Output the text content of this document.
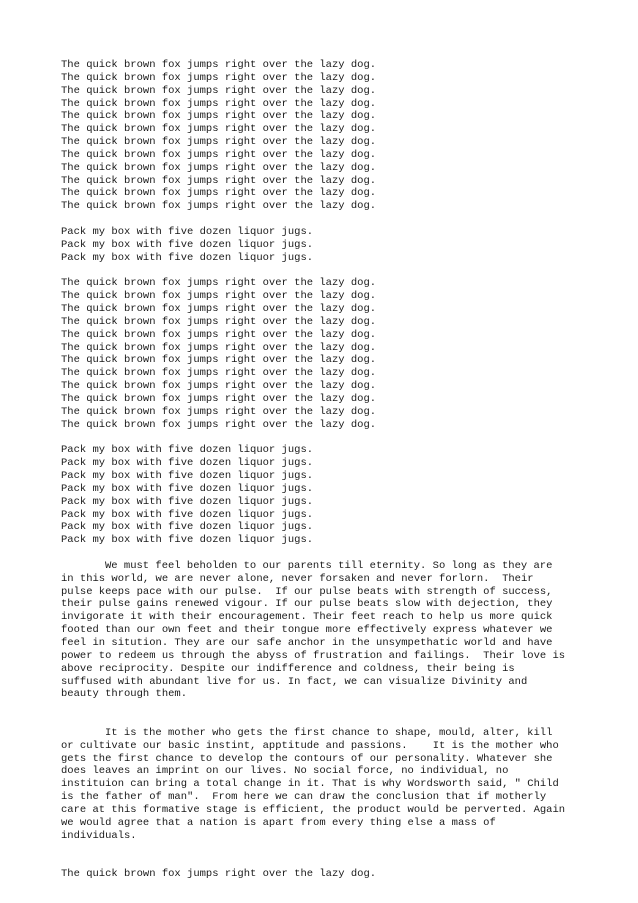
The quick brown fox jumps right over the lazy dog.
The quick brown fox jumps right over the lazy dog.
The quick brown fox jumps right over the lazy dog.
The quick brown fox jumps right over the lazy dog.
The quick brown fox jumps right over the lazy dog.
The quick brown fox jumps right over the lazy dog.
The quick brown fox jumps right over the lazy dog.
The quick brown fox jumps right over the lazy dog.
The quick brown fox jumps right over the lazy dog.
The quick brown fox jumps right over the lazy dog.
The quick brown fox jumps right over the lazy dog.
The quick brown fox jumps right over the lazy dog.
Pack my box with five dozen liquor jugs.
Pack my box with five dozen liquor jugs.
Pack my box with five dozen liquor jugs.
The quick brown fox jumps right over the lazy dog.
The quick brown fox jumps right over the lazy dog.
The quick brown fox jumps right over the lazy dog.
The quick brown fox jumps right over the lazy dog.
The quick brown fox jumps right over the lazy dog.
The quick brown fox jumps right over the lazy dog.
The quick brown fox jumps right over the lazy dog.
The quick brown fox jumps right over the lazy dog.
The quick brown fox jumps right over the lazy dog.
The quick brown fox jumps right over the lazy dog.
The quick brown fox jumps right over the lazy dog.
The quick brown fox jumps right over the lazy dog.
Pack my box with five dozen liquor jugs.
Pack my box with five dozen liquor jugs.
Pack my box with five dozen liquor jugs.
Pack my box with five dozen liquor jugs.
Pack my box with five dozen liquor jugs.
Pack my box with five dozen liquor jugs.
Pack my box with five dozen liquor jugs.
Pack my box with five dozen liquor jugs.
We must feel beholden to our parents till eternity. So long as they are
in this world, we are never alone, never forsaken and never forlorn.  Their
pulse keeps pace with our pulse.  If our pulse beats with strength of success,
their pulse gains renewed vigour. If our pulse beats slow with dejection, they
invigorate it with their encouragement. Their feet reach to help us more quick
footed than our own feet and their tongue more effectively express whatever we
feel in sitution. They are our safe anchor in the unsympethatic world and have
power to redeem us through the abyss of frustration and failings.  Their love is
above reciprocity. Despite our indifference and coldness, their being is
suffused with abundant live for us. In fact, we can visualize Divinity and
beauty through them.
It is the mother who gets the first chance to shape, mould, alter, kill
or cultivate our basic instint, apptitude and passions.    It is the mother who
gets the first chance to develop the contours of our personality. Whatever she
does leaves an imprint on our lives. No social force, no individual, no
instituion can bring a total change in it. That is why Wordsworth said, " Child
is the father of man".  From here we can draw the conclusion that if motherly
care at this formative stage is efficient, the product would be perverted. Again
we would agree that a nation is apart from every thing else a mass of
individuals.
The quick brown fox jumps right over the lazy dog.
